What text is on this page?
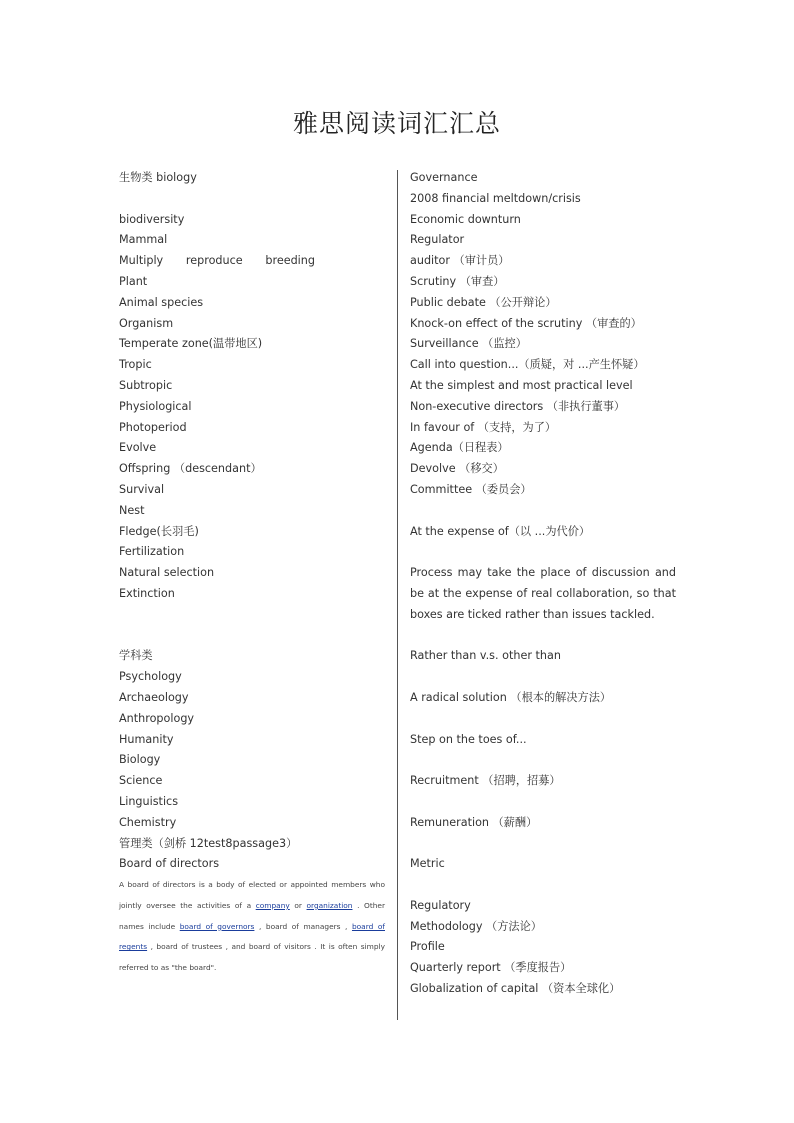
雅思阅读词汇汇总
生物类 biology
biodiversity
Mammal
Multiply reproduce breeding
Plant
Animal species
Organism
Temperate zone(温带地区)
Tropic
Subtropic
Physiological
Photoperiod
Evolve
Offspring （descendant）
Survival
Nest
Fledge(长羽毛)
Fertilization
Natural selection
Extinction
学科类
Psychology
Archaeology
Anthropology
Humanity
Biology
Science
Linguistics
Chemistry
管理类（剑桥 12test8passage3）
Board of directors
A board of directors is a body of elected or appointed members who jointly oversee the activities of a company or organization . Other names include board of governors , board of managers , board of regents , board of trustees , and board of visitors . It is often simply referred to as "the board".
Governance
2008 financial meltdown/crisis
Economic downturn
Regulator
auditor （审计员）
Scrutiny （审查）
Public debate （公开辩论）
Knock-on effect of the scrutiny （审查的）
Surveillance （监控）
Call into question...（质疑，对 ...产生怀疑）
At the simplest and most practical level
Non-executive directors （非执行董事）
In favour of （支持，为了）
Agenda（日程表）
Devolve （移交）
Committee （委员会）
At the expense of（以 ...为代价）
Process may take the place of discussion and be at the expense of real collaboration, so that boxes are ticked rather than issues tackled.
Rather than v.s. other than
A radical solution （根本的解决方法）
Step on the toes of...
Recruitment （招聘，招募）
Remuneration （薪酬）
Metric
Regulatory
Methodology （方法论）
Profile
Quarterly report （季度报告）
Globalization of capital （资本全球化）
